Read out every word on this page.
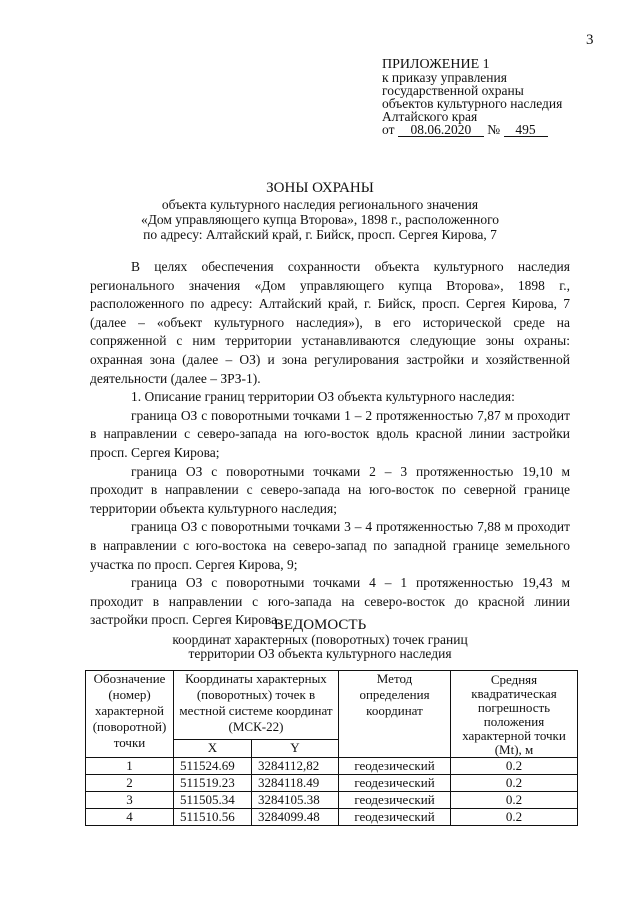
3
ПРИЛОЖЕНИЕ 1
к приказу управления
государственной охраны
объектов культурного наследия
Алтайского края
от 08.06.2020 № 495
ЗОНЫ ОХРАНЫ
объекта культурного наследия регионального значения
«Дом управляющего купца Второва», 1898 г., расположенного
по адресу: Алтайский край, г. Бийск, просп. Сергея Кирова, 7

В целях обеспечения сохранности объекта культурного наследия регионального значения «Дом управляющего купца Второва», 1898 г., расположенного по адресу: Алтайский край, г. Бийск, просп. Сергея Кирова, 7 (далее – «объект культурного наследия»), в его исторической среде на сопряженной с ним территории устанавливаются следующие зоны охраны: охранная зона (далее – ОЗ) и зона регулирования застройки и хозяйственной деятельности (далее – ЗРЗ-1).

1. Описание границ территории ОЗ объекта культурного наследия:

граница ОЗ с поворотными точками 1 – 2 протяженностью 7,87 м проходит в направлении с северо-запада на юго-восток вдоль красной линии застройки просп. Сергея Кирова;

граница ОЗ с поворотными точками 2 – 3 протяженностью 19,10 м проходит в направлении с северо-запада на юго-восток по северной границе территории объекта культурного наследия;

граница ОЗ с поворотными точками 3 – 4 протяженностью 7,88 м проходит в направлении с юго-востока на северо-запад по западной границе земельного участка по просп. Сергея Кирова, 9;

граница ОЗ с поворотными точками 4 – 1 протяженностью 19,43 м проходит в направлении с юго-запада на северо-восток до красной линии застройки просп. Сергея Кирова.

ВЕДОМОСТЬ
координат характерных (поворотных) точек границ
территории ОЗ объекта культурного наследия
Обозначение (номер) характерной (поворотной) точки	Координаты характерных (поворотных) точек в местной системе координат (МСК-22)		Метод определения координат	Средняя квадратическая погрешность положения характерной точки (Mt), м
	X	Y		
1	511524.69	3284112,82	геодезический	0.2
2	511519.23	3284118.49	геодезический	0.2
3	511505.34	3284105.38	геодезический	0.2
4	511510.56	3284099.48	геодезический	0.2
